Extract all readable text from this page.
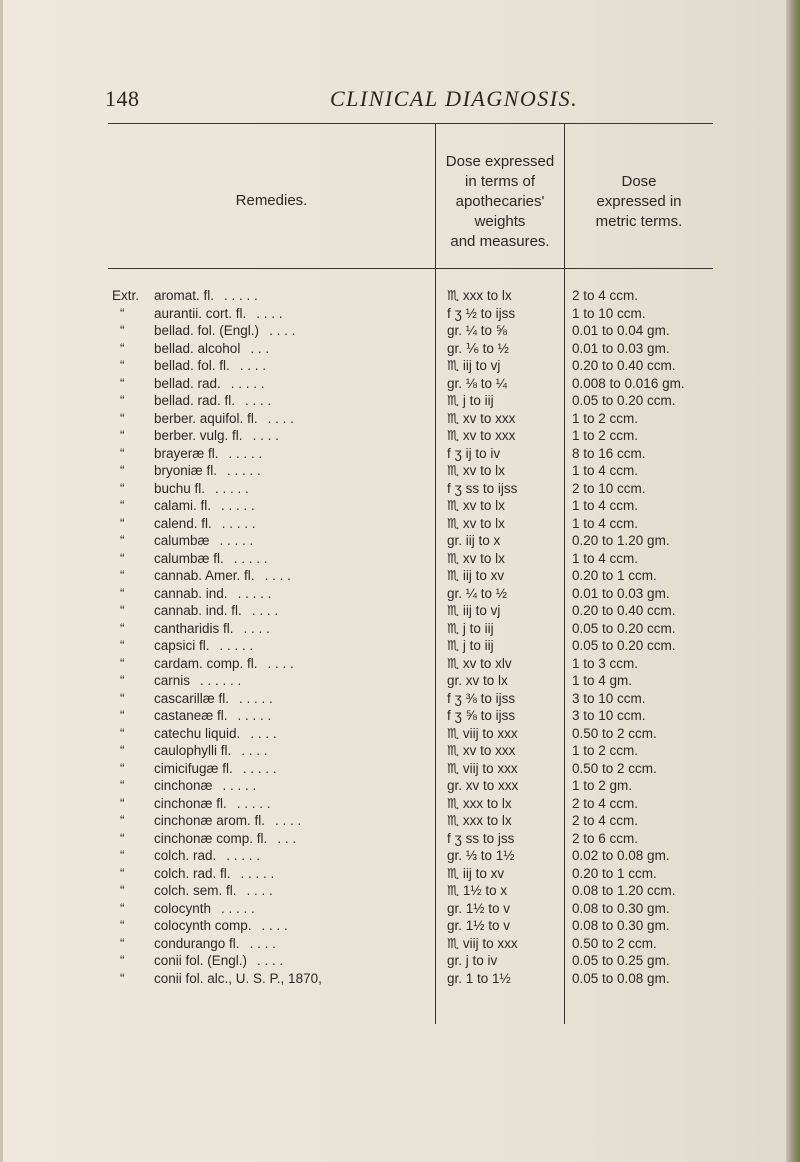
148	CLINICAL DIAGNOSIS.
Remedies.
Dose expressed
in terms of
apothecaries'
weights
and measures.
Dose
expressed in
metric terms.
Extr. aromat. fl. . . . . .
“ aurantii. cort. fl. . . . .
“ bellad. fol. (Engl.) . . . .
“ bellad. alcohol . . .
“ bellad. fol. fl. . . . .
“ bellad. rad. . . . . .
“ bellad. rad. fl. . . . .
“ berber. aquifol. fl. . . . .
“ berber. vulg. fl. . . . .
“ brayeræ fl. . . . . .
“ bryoniæ fl. . . . . .
“ buchu fl. . . . . .
“ calami. fl. . . . . .
“ calend. fl. . . . . .
“ calumbæ . . . . .
“ calumbæ fl. . . . . .
“ cannab. Amer. fl. . . . .
“ cannab. ind. . . . . .
“ cannab. ind. fl. . . . .
“ cantharidis fl. . . . .
“ capsici fl. . . . . .
“ cardam. comp. fl. . . . .
“ carnis . . . . . .
“ cascarillæ fl. . . . . .
“ castaneæ fl. . . . . .
“ catechu liquid. . . . .
“ caulophylli fl. . . . .
“ cimicifugæ fl. . . . . .
“ cinchonæ . . . . .
“ cinchonæ fl. . . . . .
“ cinchonæ arom. fl. . . . .
“ cinchonæ comp. fl. . . .
“ colch. rad. . . . . .
“ colch. rad. fl. . . . . .
“ colch. sem. fl. . . . .
“ colocynth . . . . .
“ colocynth comp. . . . .
“ condurango fl. . . . .
“ conii fol. (Engl.) . . . .
“ conii fol. alc., U. S. P., 1870,
♏ xxx to lx
f ʒ ½ to ijss
gr. ¼ to ⅝
gr. ⅙ to ½
♏ iij to vj
gr. ⅛ to ¼
♏ j to iij
♏ xv to xxx
♏ xv to xxx
f ʒ ij to iv
♏ xv to lx
f ʒ ss to ijss
♏ xv to lx
♏ xv to lx
gr. iij to x
♏ xv to lx
♏ iij to xv
gr. ¼ to ½
♏ iij to vj
♏ j to iij
♏ j to iij
♏ xv to xlv
gr. xv to lx
f ʒ ⅜ to ijss
f ʒ ⅝ to ijss
♏ viij to xxx
♏ xv to xxx
♏ viij to xxx
gr. xv to xxx
♏ xxx to lx
♏ xxx to lx
f ʒ ss to jss
gr. ⅓ to 1½
♏ iij to xv
♏ 1½ to x
gr. 1½ to v
gr. 1½ to v
♏ viij to xxx
gr. j to iv
gr. 1 to 1½
2 to 4 ccm.
1 to 10 ccm.
0.01 to 0.04 gm.
0.01 to 0.03 gm.
0.20 to 0.40 ccm.
0.008 to 0.016 gm.
0.05 to 0.20 ccm.
1 to 2 ccm.
1 to 2 ccm.
8 to 16 ccm.
1 to 4 ccm.
2 to 10 ccm.
1 to 4 ccm.
1 to 4 ccm.
0.20 to 1.20 gm.
1 to 4 ccm.
0.20 to 1 ccm.
0.01 to 0.03 gm.
0.20 to 0.40 ccm.
0.05 to 0.20 ccm.
0.05 to 0.20 ccm.
1 to 3 ccm.
1 to 4 gm.
3 to 10 ccm.
3 to 10 ccm.
0.50 to 2 ccm.
1 to 2 ccm.
0.50 to 2 ccm.
1 to 2 gm.
2 to 4 ccm.
2 to 4 ccm.
2 to 6 ccm.
0.02 to 0.08 gm.
0.20 to 1 ccm.
0.08 to 1.20 ccm.
0.08 to 0.30 gm.
0.08 to 0.30 gm.
0.50 to 2 ccm.
0.05 to 0.25 gm.
0.05 to 0.08 gm.
